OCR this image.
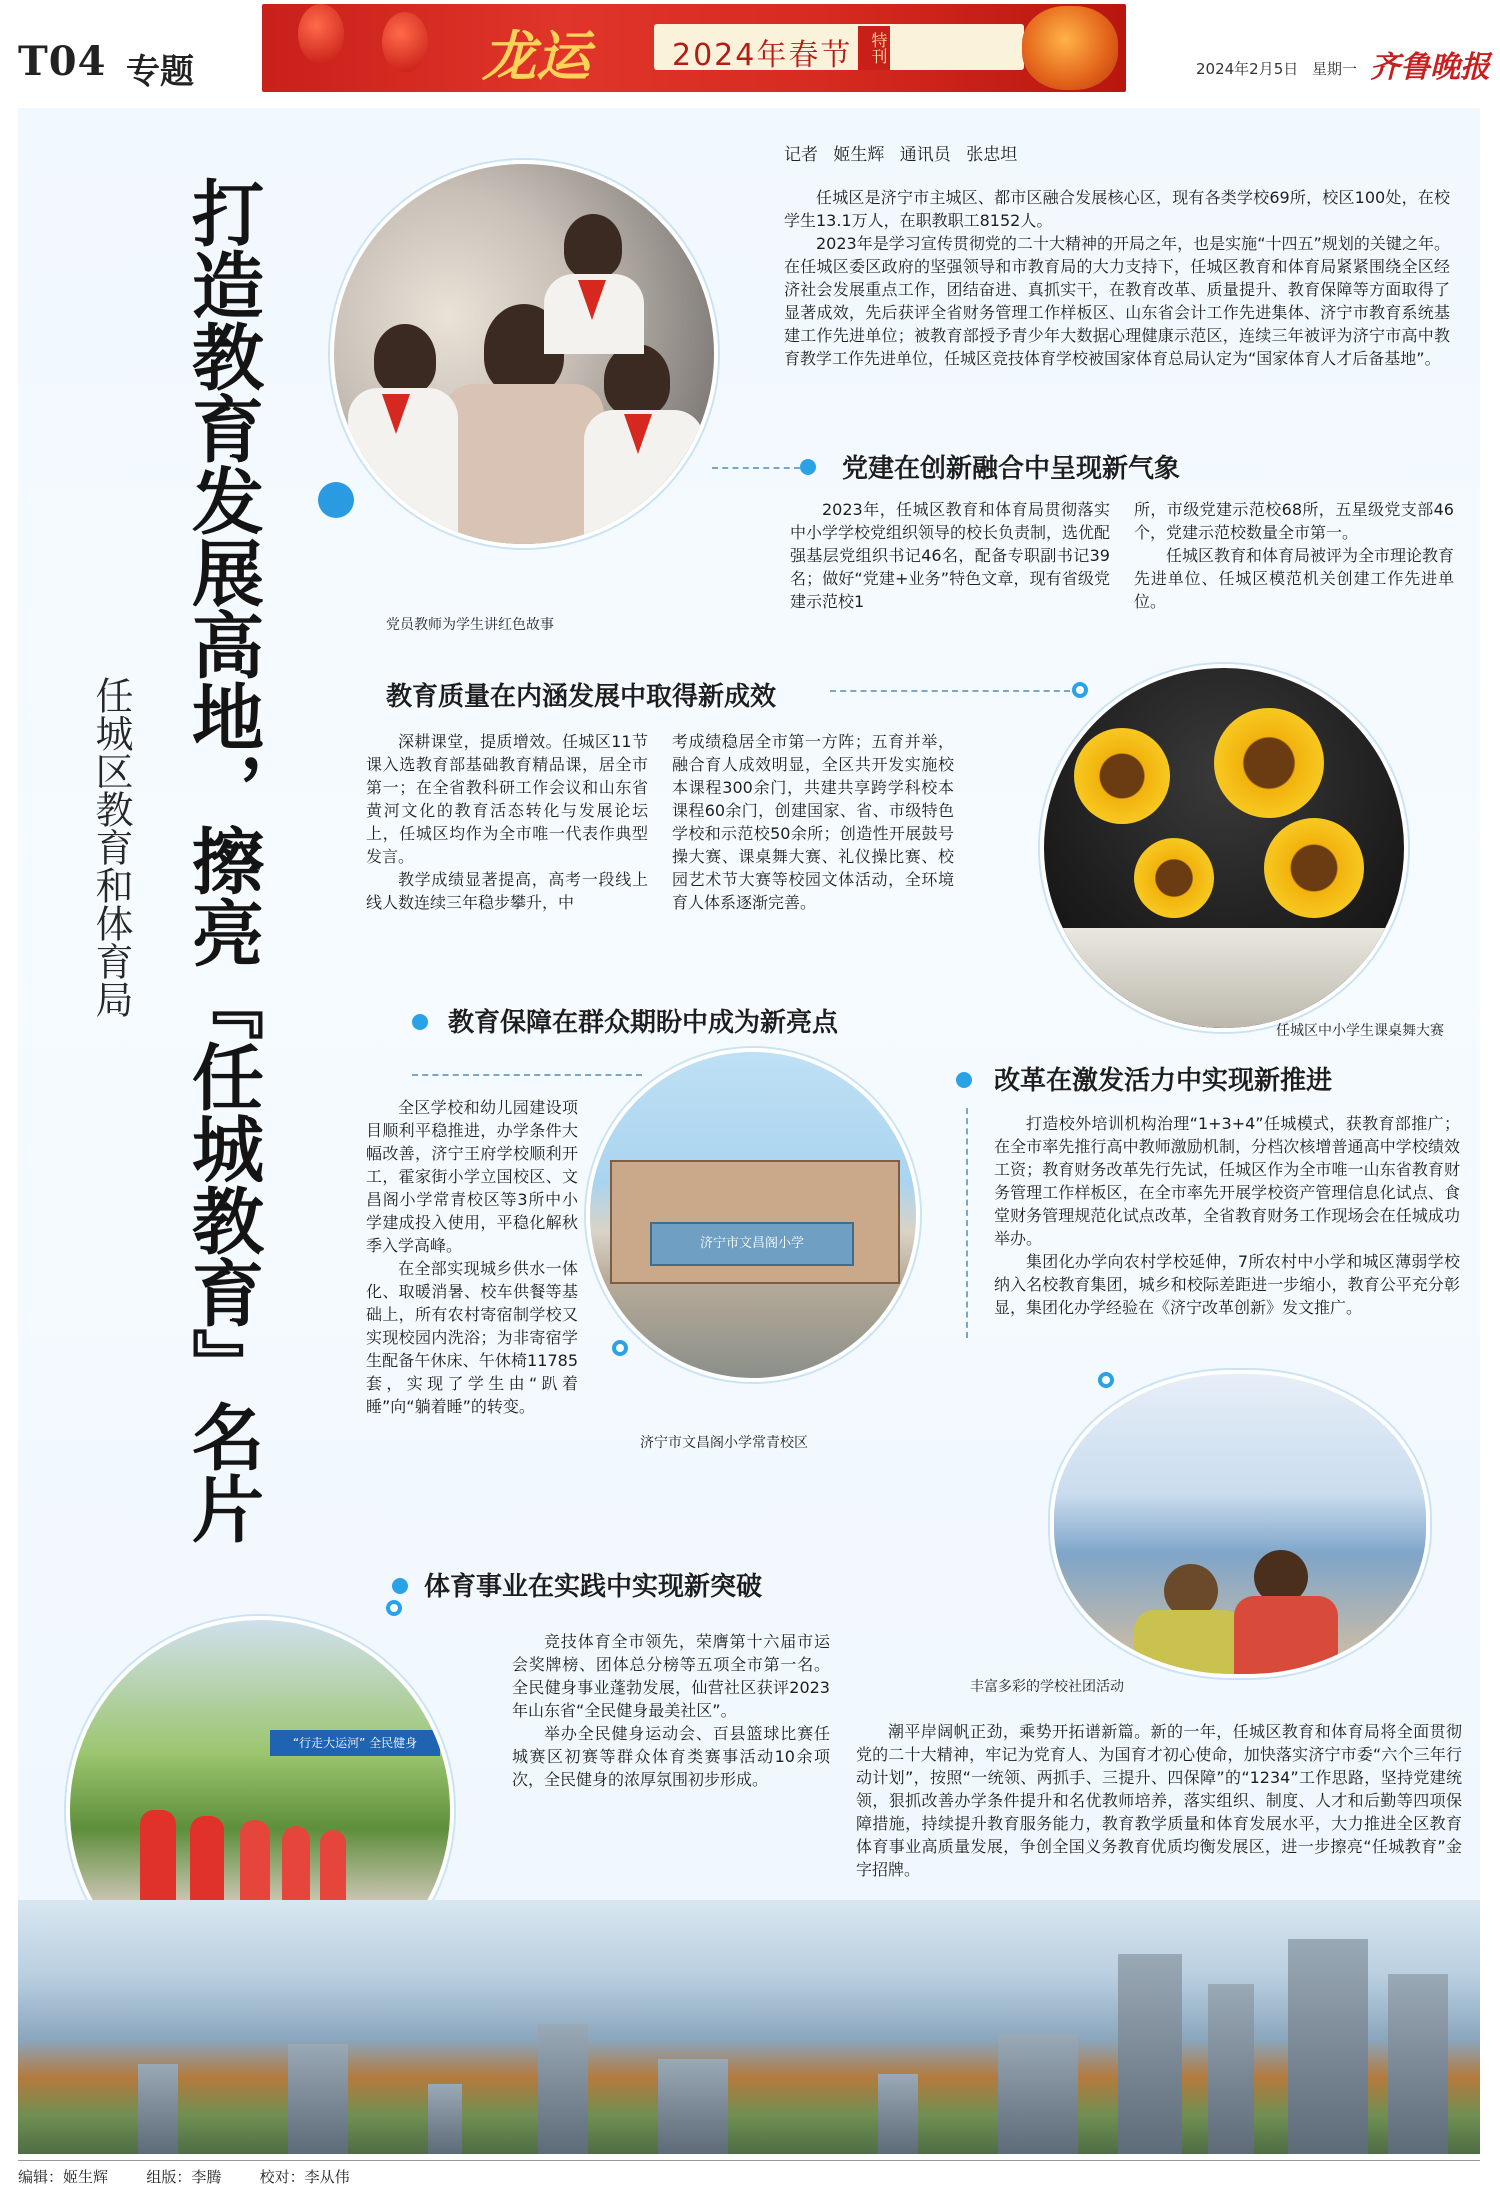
T04 专题	龙运	2024年春节	特刊
2024年2月5日 星期一 齐鲁晚报
打造教育发展高地，擦亮『任城教育』名片
任城区教育和体育局
党员教师为学生讲红色故事
记者 姬生辉 通讯员 张忠坦

任城区是济宁市主城区、都市区融合发展核心区，现有各类学校69所，校区100处，在校学生13.1万人，在职教职工8152人。

2023年是学习宣传贯彻党的二十大精神的开局之年，也是实施“十四五”规划的关键之年。在任城区委区政府的坚强领导和市教育局的大力支持下，任城区教育和体育局紧紧围绕全区经济社会发展重点工作，团结奋进、真抓实干，在教育改革、质量提升、教育保障等方面取得了显著成效，先后获评全省财务管理工作样板区、山东省会计工作先进集体、济宁市教育系统基建工作先进单位；被教育部授予青少年大数据心理健康示范区，连续三年被评为济宁市高中教育教学工作先进单位，任城区竞技体育学校被国家体育总局认定为“国家体育人才后备基地”。

党建在创新融合中呈现新气象

2023年，任城区教育和体育局贯彻落实中小学学校党组织领导的校长负责制，选优配强基层党组织书记46名，配备专职副书记39名；做好“党建+业务”特色文章，现有省级党建示范校1

所，市级党建示范校68所，五星级党支部46个，党建示范校数量全市第一。

任城区教育和体育局被评为全市理论教育先进单位、任城区模范机关创建工作先进单位。

教育质量在内涵发展中取得新成效

深耕课堂，提质增效。任城区11节课入选教育部基础教育精品课，居全市第一；在全省教科研工作会议和山东省黄河文化的教育活态转化与发展论坛上，任城区均作为全市唯一代表作典型发言。

教学成绩显著提高，高考一段线上线人数连续三年稳步攀升，中

考成绩稳居全市第一方阵；五育并举，融合育人成效明显，全区共开发实施校本课程300余门，共建共享跨学科校本课程60余门，创建国家、省、市级特色学校和示范校50余所；创造性开展鼓号操大赛、课桌舞大赛、礼仪操比赛、校园艺术节大赛等校园文体活动，全环境育人体系逐渐完善。

任城区中小学生课桌舞大赛
教育保障在群众期盼中成为新亮点

全区学校和幼儿园建设项目顺利平稳推进，办学条件大幅改善，济宁王府学校顺利开工，霍家街小学立国校区、文昌阁小学常青校区等3所中小学建成投入使用，平稳化解秋季入学高峰。

在全部实现城乡供水一体化、取暖消暑、校车供餐等基础上，所有农村寄宿制学校又实现校园内洗浴；为非寄宿学生配备午休床、午休椅11785套，实现了学生由“趴着睡”向“躺着睡”的转变。

济宁市文昌阁小学
济宁市文昌阁小学常青校区
改革在激发活力中实现新推进

打造校外培训机构治理“1+3+4”任城模式，获教育部推广；在全市率先推行高中教师激励机制，分档次核增普通高中学校绩效工资；教育财务改革先行先试，任城区作为全市唯一山东省教育财务管理工作样板区，在全市率先开展学校资产管理信息化试点、食堂财务管理规范化试点改革，全省教育财务工作现场会在任城成功举办。

集团化办学向农村学校延伸，7所农村中小学和城区薄弱学校纳入名校教育集团，城乡和校际差距进一步缩小，教育公平充分彰显，集团化办学经验在《济宁改革创新》发文推广。

丰富多彩的学校社团活动
体育事业在实践中实现新突破

竞技体育全市领先，荣膺第十六届市运会奖牌榜、团体总分榜等五项全市第一名。全民健身事业蓬勃发展，仙营社区获评2023年山东省“全民健身最美社区”。

举办全民健身运动会、百县篮球比赛任城赛区初赛等群众体育类赛事活动10余项次，全民健身的浓厚氛围初步形成。

“行走大运河” 全民健身

潮平岸阔帆正劲，乘势开拓谱新篇。新的一年，任城区教育和体育局将全面贯彻党的二十大精神，牢记为党育人、为国育才初心使命，加快落实济宁市委“六个三年行动计划”，按照“一统领、两抓手、三提升、四保障”的“1234”工作思路，坚持党建统领，狠抓改善办学条件提升和名优教师培养，落实组织、制度、人才和后勤等四项保障措施，持续提升教育服务能力，教育教学质量和体育发展水平，大力推进全区教育体育事业高质量发展，争创全国义务教育优质均衡发展区，进一步擦亮“任城教育”金字招牌。

编辑：姬生辉	组版：李腾	校对：李从伟
